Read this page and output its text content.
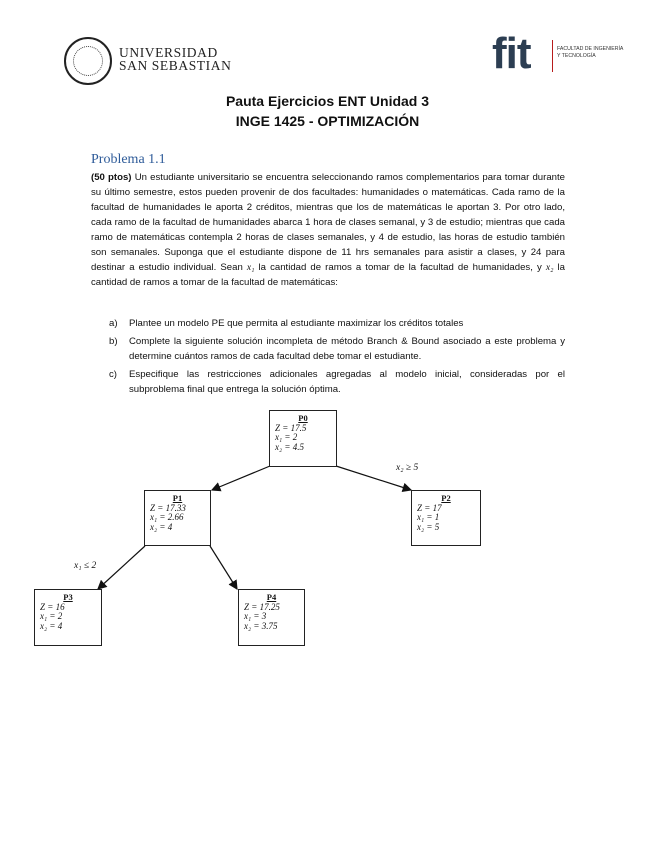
UNIVERSIDAD
SAN SEBASTIAN	fit	FACULTAD DE INGENIERÍA
Y TECNOLOGÍA
Pauta Ejercicios ENT Unidad 3
INGE 1425 - OPTIMIZACIÓN
Problema 1.1
(50 ptos) Un estudiante universitario se encuentra seleccionando ramos complementarios para tomar durante su último semestre, estos pueden provenir de dos facultades: humanidades o matemáticas. Cada ramo de la facultad de humanidades le aporta 2 créditos, mientras que los de matemáticas le aportan 3. Por otro lado, cada ramo de la facultad de humanidades abarca 1 hora de clases semanal, y 3 de estudio; mientras que cada ramo de matemáticas contempla 2 horas de clases semanales, y 4 de estudio, las horas de estudio también son semanales. Suponga que el estudiante dispone de 11 hrs semanales para asistir a clases, y 24 para destinar a estudio individual. Sean x₁ la cantidad de ramos a tomar de la facultad de humanidades, y x₂ la cantidad de ramos a tomar de la facultad de matemáticas:
a) Plantee un modelo PE que permita al estudiante maximizar los créditos totales
b) Complete la siguiente solución incompleta de método Branch & Bound asociado a este problema y determine cuántos ramos de cada facultad debe tomar el estudiante.
c) Especifique las restricciones adicionales agregadas al modelo inicial, consideradas por el subproblema final que entrega la solución óptima.
x₂ ≥ 5
x₁ ≤ 2
P0
Z = 17.5
x₁ = 2
x₂ = 4.5
P1
Z = 17.33
x₁ = 2.66
x₂ = 4
P2
Z = 17
x₁ = 1
x₂ = 5
P3
Z = 16
x₁ = 2
x₂ = 4
P4
Z = 17.25
x₁ = 3
x₂ = 3.75
